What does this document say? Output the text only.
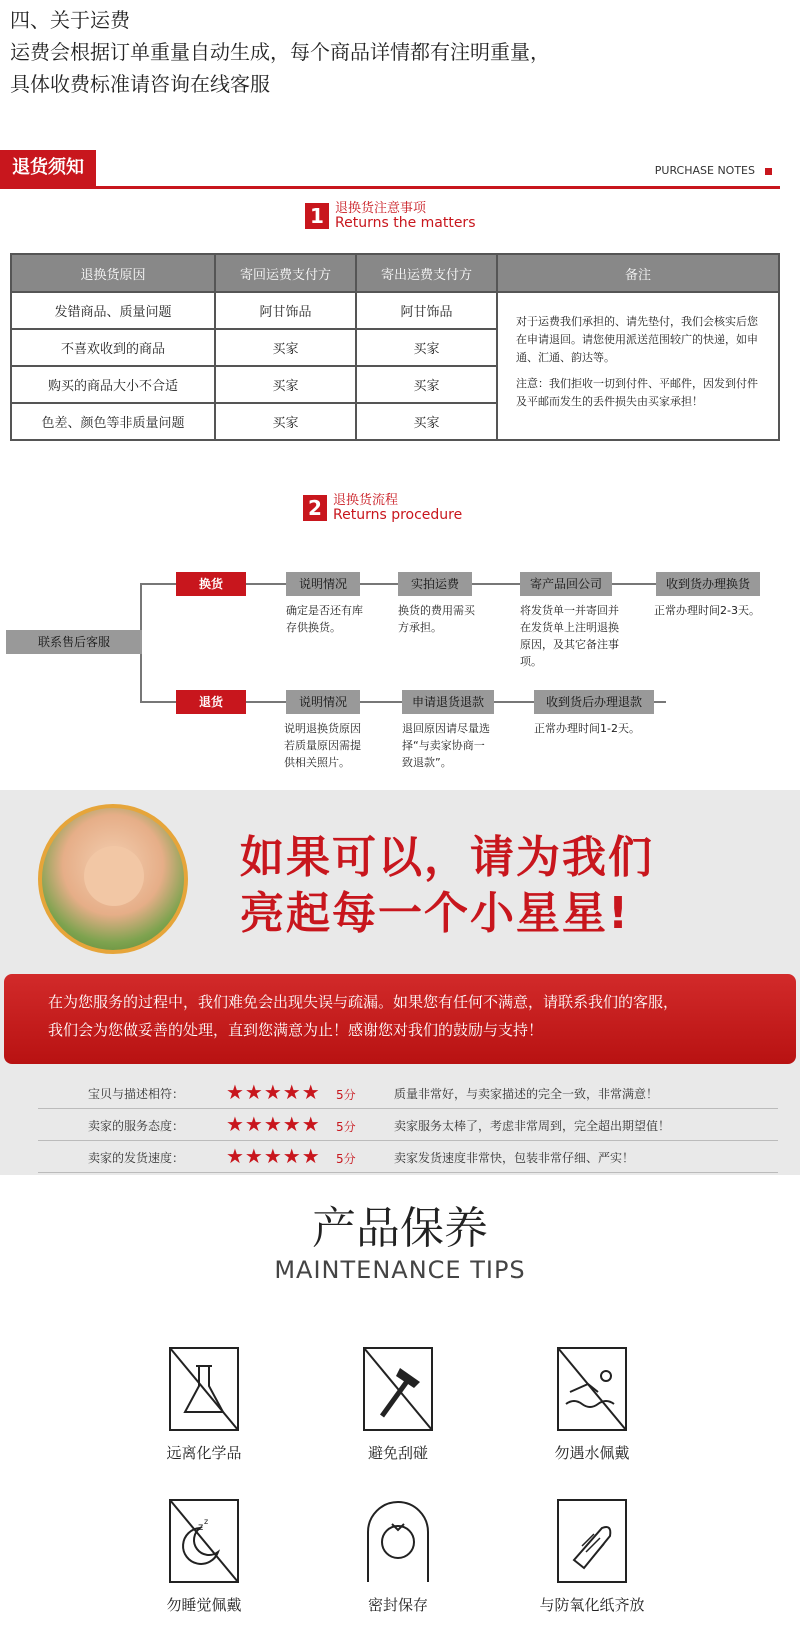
四、关于运费
运费会根据订单重量自动生成，每个商品详情都有注明重量，
具体收费标准请咨询在线客服
退货须知	PURCHASE NOTES
1 退换货注意事项
Returns the matters
退换货原因	寄回运费支付方	寄出运费支付方	备注
发错商品、质量问题	阿甘饰品	阿甘饰品	对于运费我们承担的、请先垫付，我们会核实后您在申请退回。请您使用派送范围较广的快递，如申通、汇通、韵达等。

注意：我们拒收一切到付件、平邮件，因发到付件及平邮而发生的丢件损失由买家承担！

不喜欢收到的商品	买家	买家	
购买的商品大小不合适	买家	买家	
色差、颜色等非质量问题	买家	买家	
2 退换货流程
Returns procedure
联系售后客服
换货
退货
说明情况	实拍运费	寄产品回公司	收到货办理换货
确定是否还有库存供换货。
换货的费用需买方承担。
将发货单一并寄回并在发货单上注明退换原因，及其它备注事项。
正常办理时间2-3天。
说明情况	申请退货退款	收到货后办理退款
说明退换货原因若质量原因需提供相关照片。
退回原因请尽量选择“与卖家协商一致退款”。
正常办理时间1-2天。
如果可以，请为我们
亮起每一个小星星!
在为您服务的过程中，我们难免会出现失误与疏漏。如果您有任何不满意，请联系我们的客服，
我们会为您做妥善的处理，直到您满意为止！感谢您对我们的鼓励与支持！
宝贝与描述相符： ★★★★★ 5分	质量非常好，与卖家描述的完全一致，非常满意！
卖家的服务态度： ★★★★★ 5分	卖家服务太棒了，考虑非常周到，完全超出期望值！
卖家的发货速度： ★★★★★ 5分	卖家发货速度非常快，包装非常仔细、严实！
产品保养
MAINTENANCE TIPS
远离化学品	避免刮碰	勿遇水佩戴
z
z
勿睡觉佩戴	密封保存	与防氧化纸齐放
